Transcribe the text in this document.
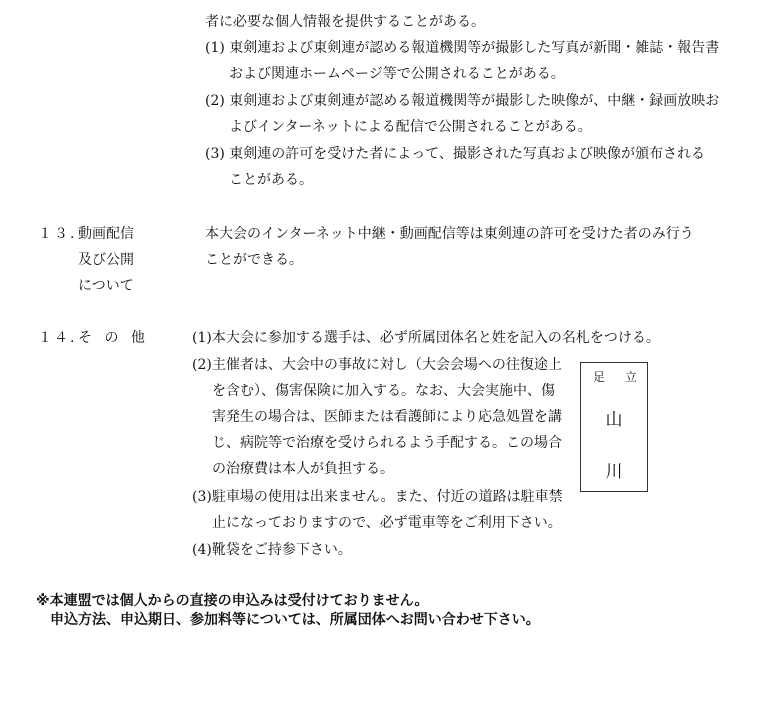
者に必要な個人情報を提供することがある。
(1) 東剣連および東剣連が認める報道機関等が撮影した写真が新聞・雑誌・報告書
および関連ホームページ等で公開されることがある。
(2) 東剣連および東剣連が認める報道機関等が撮影した映像が、中継・録画放映お
よびインターネットによる配信で公開されることがある。
(3) 東剣連の許可を受けた者によって、撮影された写真および映像が頒布される
ことがある。
１３. 動画配信
及び公開
について
本大会のインターネット中継・動画配信等は東剣連の許可を受けた者のみ行う
ことができる。
１４. そ の 他	(1)本大会に参加する選手は、必ず所属団体名と姓を記入の名札をつける。
(2)主催者は、大会中の事故に対し（大会会場への往復途上
を含む）、傷害保険に加入する。なお、大会実施中、傷
害発生の場合は、医師または看護師により応急処置を講
じ、病院等で治療を受けられるよう手配する。この場合
の治療費は本人が負担する。
(3)駐車場の使用は出来ません。また、付近の道路は駐車禁
止になっておりますので、必ず電車等をご利用下さい。
(4)靴袋をご持参下さい。
足 立
山
川
※本連盟では個人からの直接の申込みは受付けておりません。
申込方法、申込期日、参加料等については、所属団体へお問い合わせ下さい。
